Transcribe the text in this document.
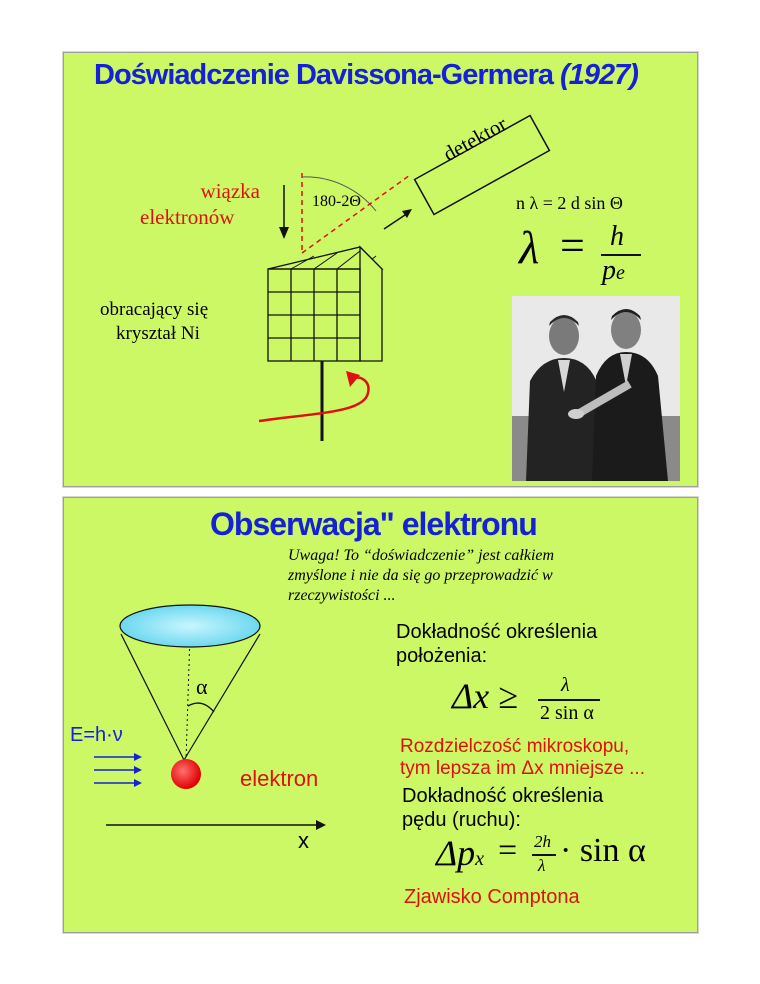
Doświadczenie Davissona-Germera (1927)
wiązka
elektronów
180-2Θ
detektor
obracający się
kryształ Ni
n λ = 2 d sin Θ
λ = h
pe
Obserwacja" elektronu
Uwaga! To “doświadczenie” jest całkiem
zmyślone i nie da się go przeprowadzić w
rzeczywistości ...
α
E=h·ν
elektron
x
Dokładność określenia
położenia:
Δx ≥ λ
2 sin α
Rozdzielczość mikroskopu,
tym lepsza im Δx mniejsze ...
Dokładność określenia
pędu (ruchu):
Δpx = 2h
λ · sin α
Zjawisko Comptona
